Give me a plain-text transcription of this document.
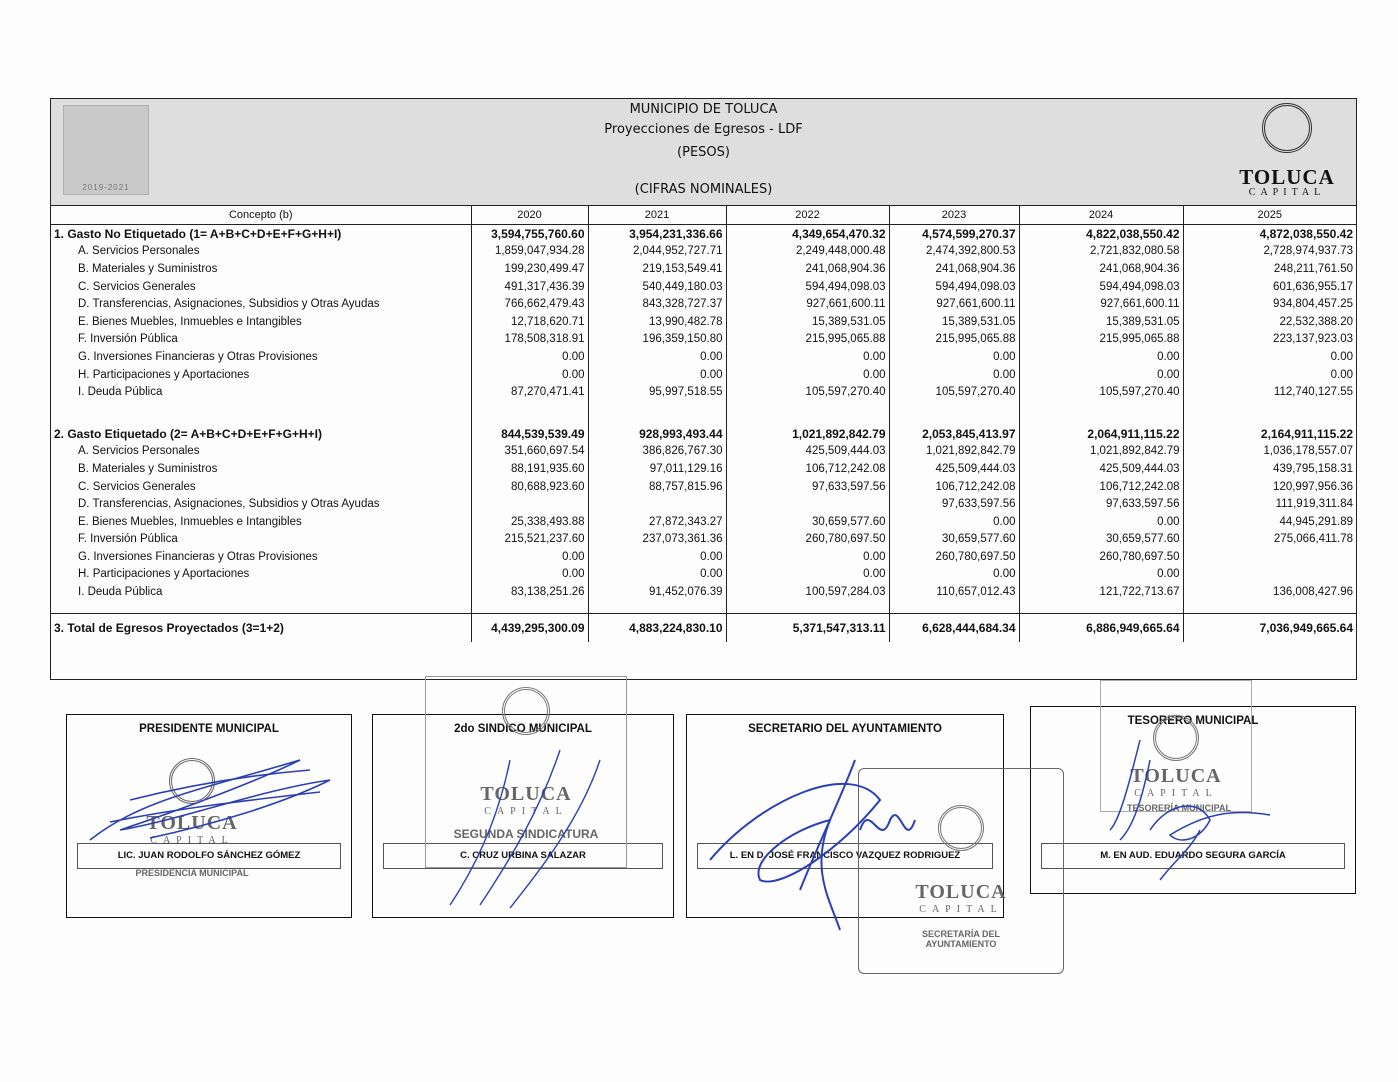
2019-2021
MUNICIPIO DE TOLUCA
Proyecciones de Egresos - LDF
(PESOS)
(CIFRAS NOMINALES)
TOLUCA
CAPITAL
Concepto (b)	2020	2021	2022	2023	2024	2025
1. Gasto No Etiquetado (1= A+B+C+D+E+F+G+H+I)	3,594,755,760.60	3,954,231,336.66	4,349,654,470.32	4,574,599,270.37	4,822,038,550.42	4,872,038,550.42
A. Servicios Personales	1,859,047,934.28	2,044,952,727.71	2,249,448,000.48	2,474,392,800.53	2,721,832,080.58	2,728,974,937.73
B. Materiales y Suministros	199,230,499.47	219,153,549.41	241,068,904.36	241,068,904.36	241,068,904.36	248,211,761.50
C. Servicios Generales	491,317,436.39	540,449,180.03	594,494,098.03	594,494,098.03	594,494,098.03	601,636,955.17
D. Transferencias, Asignaciones, Subsidios y Otras Ayudas	766,662,479.43	843,328,727.37	927,661,600.11	927,661,600.11	927,661,600.11	934,804,457.25
E. Bienes Muebles, Inmuebles e Intangibles	12,718,620.71	13,990,482.78	15,389,531.05	15,389,531.05	15,389,531.05	22,532,388.20
F. Inversión Pública	178,508,318.91	196,359,150.80	215,995,065.88	215,995,065.88	215,995,065.88	223,137,923.03
G. Inversiones Financieras y Otras Provisiones	0.00	0.00	0.00	0.00	0.00	0.00
H. Participaciones y Aportaciones	0.00	0.00	0.00	0.00	0.00	0.00
I. Deuda Pública	87,270,471.41	95,997,518.55	105,597,270.40	105,597,270.40	105,597,270.40	112,740,127.55

2. Gasto Etiquetado (2= A+B+C+D+E+F+G+H+I)	844,539,539.49	928,993,493.44	1,021,892,842.79	2,053,845,413.97	2,064,911,115.22	2,164,911,115.22
A. Servicios Personales	351,660,697.54	386,826,767.30	425,509,444.03	1,021,892,842.79	1,021,892,842.79	1,036,178,557.07
B. Materiales y Suministros	88,191,935.60	97,011,129.16	106,712,242.08	425,509,444.03	425,509,444.03	439,795,158.31
C. Servicios Generales	80,688,923.60	88,757,815.96	97,633,597.56	106,712,242.08	106,712,242.08	120,997,956.36
D. Transferencias, Asignaciones, Subsidios y Otras Ayudas				97,633,597.56	97,633,597.56	111,919,311.84
E. Bienes Muebles, Inmuebles e Intangibles	25,338,493.88	27,872,343.27	30,659,577.60	0.00	0.00	44,945,291.89
F. Inversión Pública	215,521,237.60	237,073,361.36	260,780,697.50	30,659,577.60	30,659,577.60	275,066,411.78
G. Inversiones Financieras y Otras Provisiones	0.00	0.00	0.00	260,780,697.50	260,780,697.50	
H. Participaciones y Aportaciones	0.00	0.00	0.00	0.00	0.00	
I. Deuda Pública	83,138,251.26	91,452,076.39	100,597,284.03	110,657,012.43	121,722,713.67	136,008,427.96

3. Total de Egresos Proyectados (3=1+2)	4,439,295,300.09	4,883,224,830.10	5,371,547,313.11	6,628,444,684.34	6,886,949,665.64	7,036,949,665.64
PRESIDENTE MUNICIPAL
LIC. JUAN RODOLFO SÁNCHEZ GÓMEZ
2do SINDICO MUNICIPAL
C. CRUZ URBINA SALAZAR
SECRETARIO DEL AYUNTAMIENTO
L. EN D. JOSÉ FRANCISCO VAZQUEZ RODRIGUEZ
TESORERO MUNICIPAL
M. EN AUD. EDUARDO SEGURA GARCÍA
TOLUCA
CAPITAL
PRESIDENCIA MUNICIPAL
TOLUCA
CAPITAL
SEGUNDA SINDICATURA
TOLUCA
CAPITAL
SECRETARÍA DEL AYUNTAMIENTO
TOLUCA
CAPITAL
TESORERÍA MUNICIPAL
